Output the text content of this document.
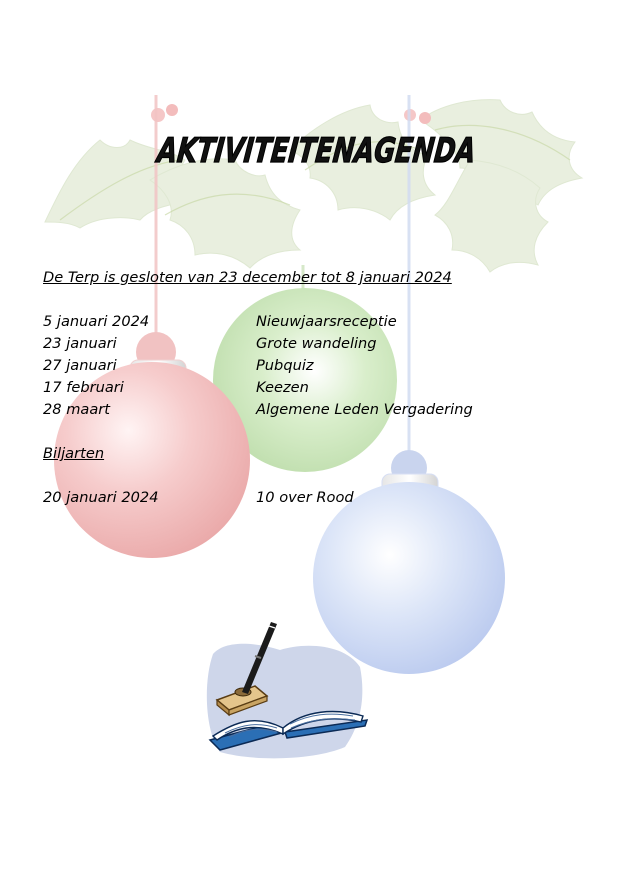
AKTIVITEITENAGENDA
De Terp is gesloten van 23 december tot 8 januari 2024
5 januari 2024	Nieuwjaarsreceptie
23 januari	Grote wandeling
27 januari	Pubquiz
17 februari	Keezen
28 maart	Algemene Leden Vergadering
Biljarten
20 januari 2024	10 over Rood
